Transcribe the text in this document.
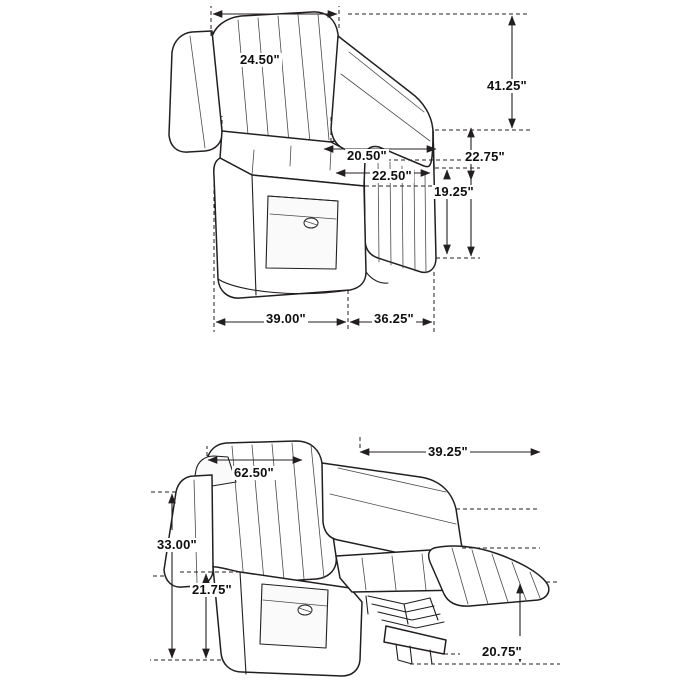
24.50"
41.25"
20.50"	22.75"
22.50"
19.25"
39.00"	36.25"
62.50"
39.25"
33.00"
21.75"
20.75"
